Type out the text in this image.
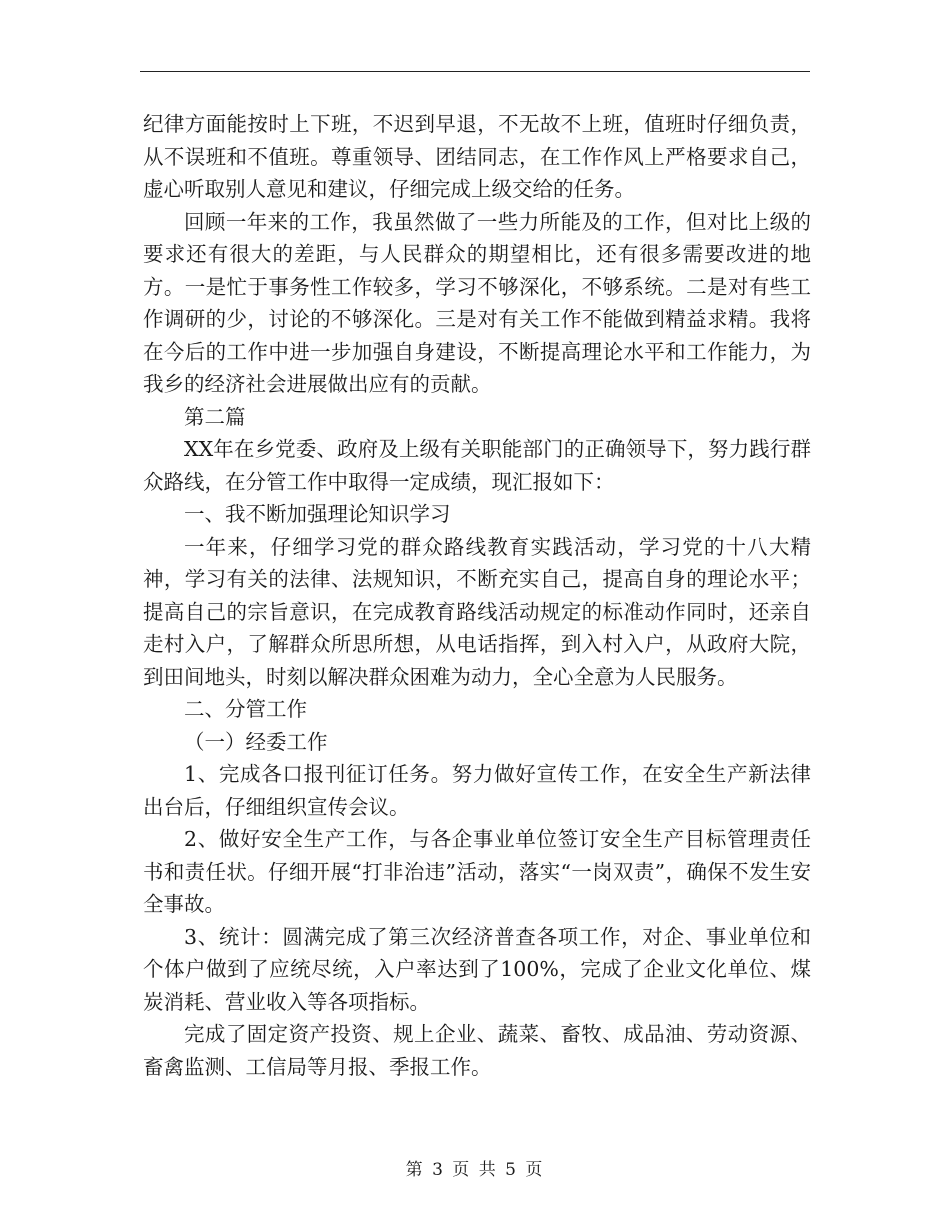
纪律方面能按时上下班，不迟到早退，不无故不上班，值班时仔细负责，从不误班和不值班。尊重领导、团结同志，在工作作风上严格要求自己，虚心听取别人意见和建议，仔细完成上级交给的任务。

回顾一年来的工作，我虽然做了一些力所能及的工作，但对比上级的要求还有很大的差距，与人民群众的期望相比，还有很多需要改进的地方。一是忙于事务性工作较多，学习不够深化，不够系统。二是对有些工作调研的少，讨论的不够深化。三是对有关工作不能做到精益求精。我将在今后的工作中进一步加强自身建设，不断提高理论水平和工作能力，为我乡的经济社会进展做出应有的贡献。

第二篇

XX年在乡党委、政府及上级有关职能部门的正确领导下，努力践行群众路线，在分管工作中取得一定成绩，现汇报如下：

一、我不断加强理论知识学习

一年来，仔细学习党的群众路线教育实践活动，学习党的十八大精神，学习有关的法律、法规知识，不断充实自己，提高自身的理论水平；提高自己的宗旨意识，在完成教育路线活动规定的标准动作同时，还亲自走村入户，了解群众所思所想，从电话指挥，到入村入户，从政府大院，到田间地头，时刻以解决群众困难为动力，全心全意为人民服务。

二、分管工作

（一）经委工作

1、完成各口报刊征订任务。努力做好宣传工作，在安全生产新法律出台后，仔细组织宣传会议。

2、做好安全生产工作，与各企事业单位签订安全生产目标管理责任书和责任状。仔细开展“打非治违”活动，落实“一岗双责”，确保不发生安全事故。

3、统计：圆满完成了第三次经济普查各项工作，对企、事业单位和个体户做到了应统尽统，入户率达到了100%，完成了企业文化单位、煤炭消耗、营业收入等各项指标。

完成了固定资产投资、规上企业、蔬菜、畜牧、成品油、劳动资源、畜禽监测、工信局等月报、季报工作。

第 3 页 共 5 页
